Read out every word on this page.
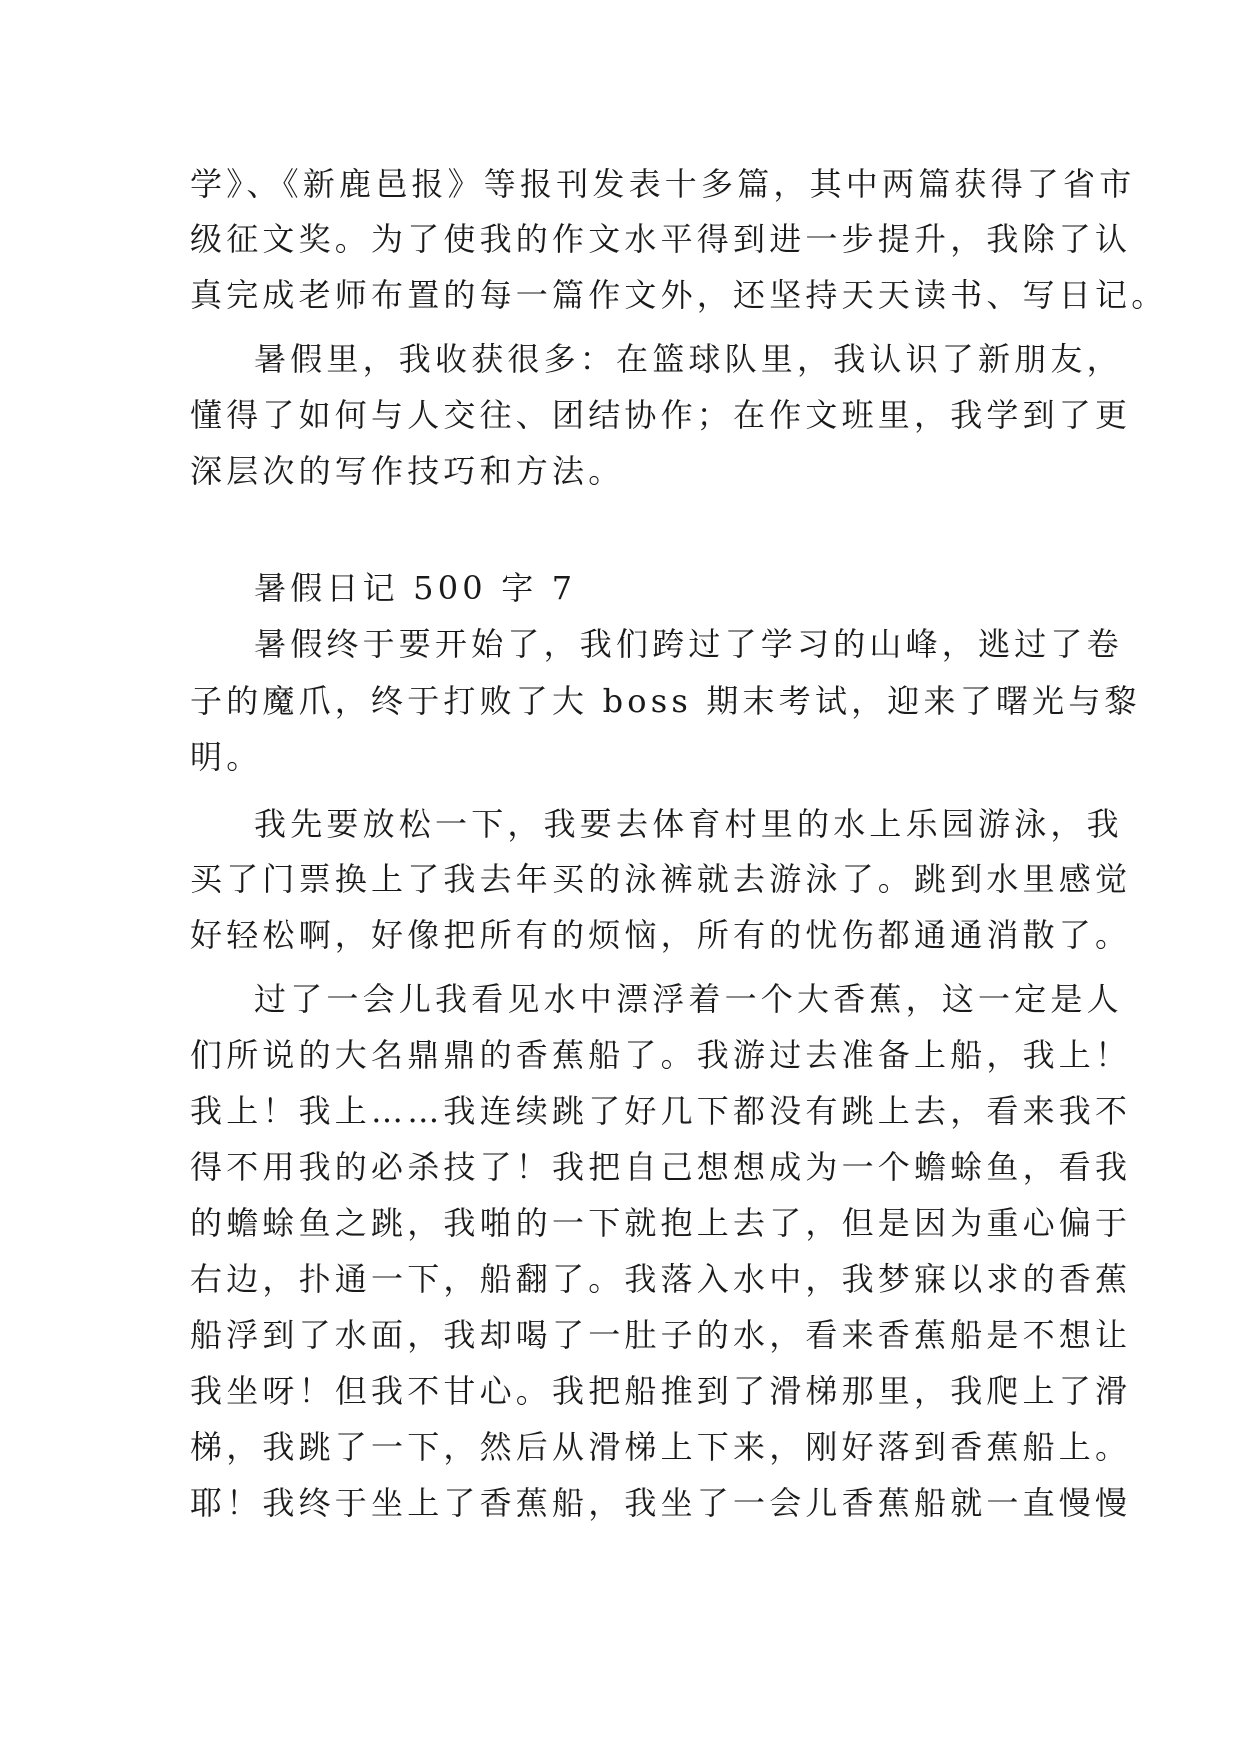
学》、《新鹿邑报》等报刊发表十多篇，其中两篇获得了省市
级征文奖。为了使我的作文水平得到进一步提升，我除了认
真完成老师布置的每一篇作文外，还坚持天天读书、写日记。
暑假里，我收获很多：在篮球队里，我认识了新朋友，
懂得了如何与人交往、团结协作；在作文班里，我学到了更
深层次的写作技巧和方法。
暑假日记 500 字 7
暑假终于要开始了，我们跨过了学习的山峰，逃过了卷
子的魔爪，终于打败了大 boss 期末考试，迎来了曙光与黎
明。
我先要放松一下，我要去体育村里的水上乐园游泳，我
买了门票换上了我去年买的泳裤就去游泳了。跳到水里感觉
好轻松啊，好像把所有的烦恼，所有的忧伤都通通消散了。
过了一会儿我看见水中漂浮着一个大香蕉，这一定是人
们所说的大名鼎鼎的香蕉船了。我游过去准备上船，我上！
我上！我上……我连续跳了好几下都没有跳上去，看来我不
得不用我的必杀技了！我把自己想想成为一个蟾蜍鱼，看我
的蟾蜍鱼之跳，我啪的一下就抱上去了，但是因为重心偏于
右边，扑通一下，船翻了。我落入水中，我梦寐以求的香蕉
船浮到了水面，我却喝了一肚子的水，看来香蕉船是不想让
我坐呀！但我不甘心。我把船推到了滑梯那里，我爬上了滑
梯，我跳了一下，然后从滑梯上下来，刚好落到香蕉船上。
耶！我终于坐上了香蕉船，我坐了一会儿香蕉船就一直慢慢
